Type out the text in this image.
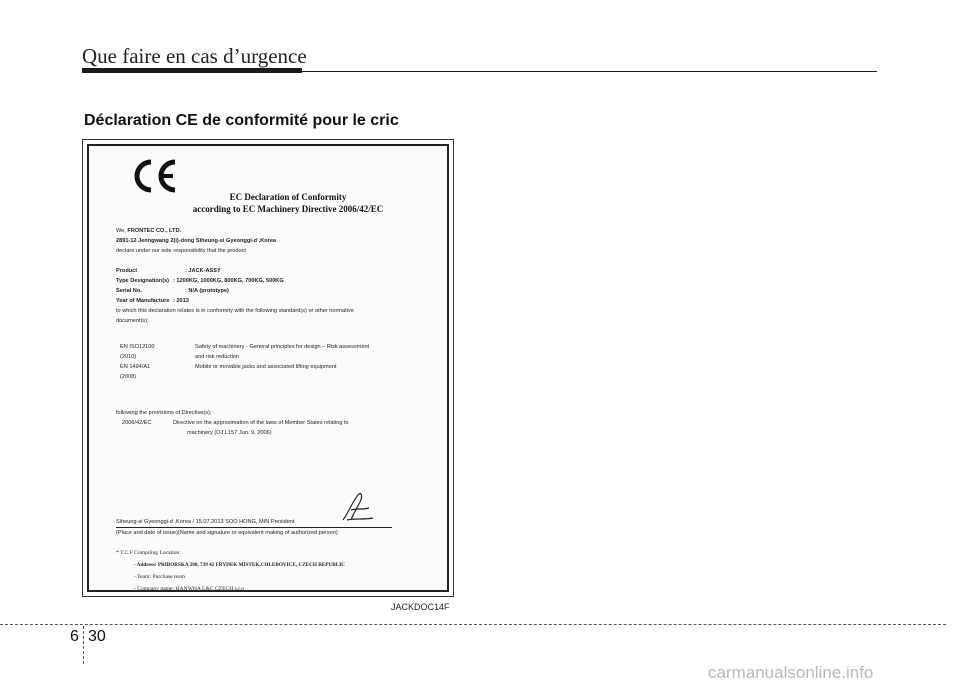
Que faire en cas d’urgence
Déclaration CE de conformité pour le cric
EC Declaration of Conformity
according to EC Machinery Directive 2006/42/EC
We, FRONTEC CO., LTD.
2891-12 Jeongwang 2(i)-dong Siheung-si Gyeonggi-d ,Korea
declare under our sole responsibility that the product
Product	: JACK-ASSY
Type Designation(s) : 1200KG, 1000KG, 800KG, 700KG, 500KG
Serial No.	: N/A (prototype)
Year of Manufacture : 2013
to which this declaration relates is in conformity with the following standard(s) or other normative
document(s);
EN ISO12100	Safety of machinery - General principles for design – Risk assessment
(2010)	and risk reduction
EN 1494/A1	Mobile or movable jacks and associated lifting equipment
(2008)
following the provisions of Directive(s);
2006/42/EC	Directive on the approximation of the laws of Member States relating to
machinery (OJ L157 Jun. 9, 2006)
Siheung-si Gyeonggi-d ,Korea / 15.07.2013 SOO HONG, MIN President
(Place and date of issue)(Name and signature or equivalent making of authorized person)
* T.C.F Compiling Location:
- Address: PRIBORSKA 280, 739 42 FRYDEK MISTEK,CHLEBOVICE, CZECH REPUBLIC
- Team: Purchase team
- Company name: HANWHA L&C CZECH s.r.o
JACKDOC14F
6 30
carmanualsonline.info
